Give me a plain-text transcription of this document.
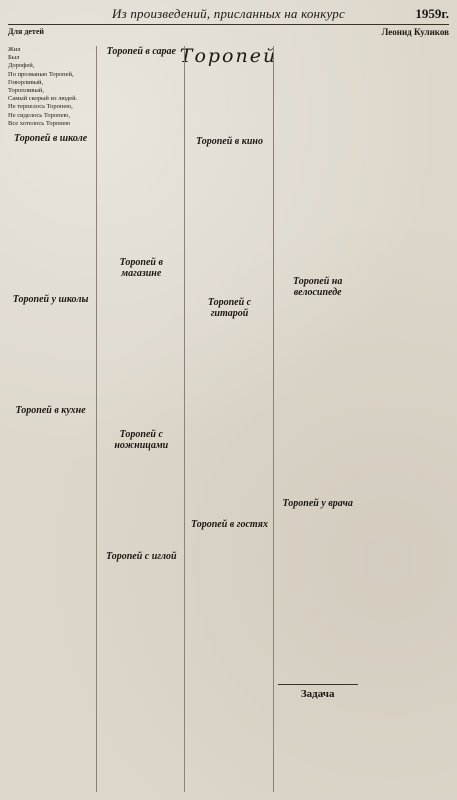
Из произведений, присланных на конкурс	1959г.
Для детей	Леонид Куликов
Торопей
Жил
Был
Дорофей,
По прозванью Торопей,
Говорливый,
Торопливый,
Самый скорый из людей.
Не терпелось Торопею,
Не сиделось Торопею,
Все хотелось Торопею
Торопей в школе
Торопей у школы
Торопей в кухне
Торопей в сарае
Торопей в магазине
Торопей с ножницами
Торопей с иглой
Торопей в кино
Торопей с гитарой
Торопей в гостях
Торопей на велосипеде
Торопей у врача
Задача
